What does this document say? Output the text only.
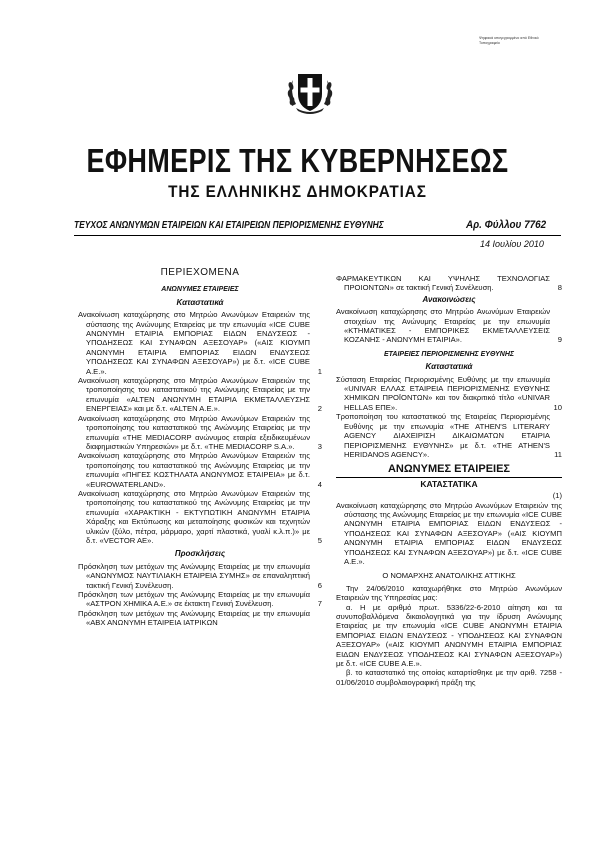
Ψηφιακά υπογεγραμμένο από Εθνικό Τυπογραφείο
ΕΦΗΜΕΡΙΣ ΤΗΣ ΚΥΒΕΡΝΗΣΕΩΣ
ΤΗΣ ΕΛΛΗΝΙΚΗΣ ΔΗΜΟΚΡΑΤΙΑΣ
ΤΕΥΧΟΣ ΑΝΩΝΥΜΩΝ ΕΤΑΙΡΕΙΩΝ ΚΑΙ ΕΤΑΙΡΕΙΩΝ ΠΕΡΙΟΡΙΣΜΕΝΗΣ ΕΥΘΥΝΗΣ	Αρ. Φύλλου 7762
14 Ιουλίου 2010
ΠΕΡΙΕΧΟΜΕΝΑ
ΑΝΩΝΥΜΕΣ ΕΤΑΙΡΕΙΕΣ
Καταστατικά
Ανακοίνωση καταχώρησης στο Μητρώο Ανωνύμων Εταιρειών της σύστασης της Ανώνυμης Εταιρείας με την επωνυμία «ICE CUBE ΑΝΩΝΥΜΗ ΕΤΑΙΡΙΑ ΕΜΠΟΡΙΑΣ ΕΙΔΩΝ ΕΝΔΥΣΕΩΣ - ΥΠΟΔΗΣΕΩΣ ΚΑΙ ΣΥΝΑΦΩΝ ΑΞΕΣΟΥΑΡ» («ΑΙΣ ΚΙΟΥΜΠ ΑΝΩΝΥΜΗ ΕΤΑΙΡΙΑ ΕΜΠΟΡΙΑΣ ΕΙΔΩΝ ΕΝΔΥΣΕΩΣ ΥΠΟΔΗΣΕΩΣ ΚΑΙ ΣΥΝΑΦΩΝ ΑΞΕΣΟΥΑΡ») με δ.τ. «ICE CUBE A.E.».	1
Ανακοίνωση καταχώρησης στο Μητρώο Ανωνύμων Εταιρειών της τροποποίησης του καταστατικού της Ανώνυμης Εταιρείας με την επωνυμία «ALTEN ΑΝΩΝΥΜΗ ΕΤΑΙΡΙΑ ΕΚΜΕΤΑΛΛΕΥΣΗΣ ΕΝΕΡΓΕΙΑΣ» και με δ.τ. «ALTEN A.E.».	2
Ανακοίνωση καταχώρησης στο Μητρώο Ανωνύμων Εταιρειών της τροποποίησης του καταστατικού της Ανώνυμης Εταιρείας με την επωνυμία «THE MEDIACORP ανώνυμος εταιρία εξειδικευμένων διαφημιστικών Υπηρεσιών» με δ.τ. «THE MEDIACORP S.A.».	3
Ανακοίνωση καταχώρησης στο Μητρώο Ανωνύμων Εταιρειών της τροποποίησης του καταστατικού της Ανώνυμης Εταιρείας με την επωνυμία «ΠΗΓΕΣ ΚΩΣΤΗΛΑΤΑ ΑΝΩΝΥΜΟΣ ΕΤΑΙΡΕΙΑ» με δ.τ. «EUROWATERLAND».	4
Ανακοίνωση καταχώρησης στο Μητρώο Ανωνύμων Εταιρειών της τροποποίησης του καταστατικού της Ανώνυμης Εταιρείας με την επωνυμία «ΧΑΡΑΚΤΙΚΗ - ΕΚΤΥΠΩΤΙΚΗ ΑΝΩΝΥΜΗ ΕΤΑΙΡΙΑ Χάραξης και Εκτύπωσης και μεταποίησης φυσικών και τεχνητών υλικών (ξύλο, πέτρα, μάρμαρο, χαρτί πλαστικά, γυαλί κ.λ.π.)» με δ.τ. «VECTOR AE».	5
Προσκλήσεις
Πρόσκληση των μετόχων της Ανώνυμης Εταιρείας με την επωνυμία «ΑΝΩΝΥΜΟΣ ΝΑΥΤΙΛΙΑΚΗ ΕΤΑΙΡΕΙΑ ΣΥΜΗΣ» σε επαναληπτική τακτική Γενική Συνέλευση.	6
Πρόσκληση των μετόχων της Ανώνυμης Εταιρείας με την επωνυμία «ΑΣΤΡΟΝ ΧΗΜΙΚΑ Α.Ε.» σε έκτακτη Γενική Συνέλευση.	7
Πρόσκληση των μετόχων της Ανώνυμης Εταιρείας με την επωνυμία «ΑΒΧ ΑΝΩΝΥΜΗ ΕΤΑΙΡΕΙΑ ΙΑΤΡΙΚΩΝ
ΦΑΡΜΑΚΕΥΤΙΚΩΝ ΚΑΙ ΥΨΗΛΗΣ ΤΕΧΝΟΛΟΓΙΑΣ ΠΡΟΙΟΝΤΩΝ» σε τακτική Γενική Συνέλευση.	8
Ανακοινώσεις
Ανακοίνωση καταχώρησης στο Μητρώο Ανωνύμων Εταιρειών στοιχείων της Ανώνυμης Εταιρείας με την επωνυμία «ΚΤΗΜΑΤΙΚΕΣ - ΕΜΠΟΡΙΚΕΣ ΕΚΜΕΤΑΛΛΕΥΣΕΙΣ ΚΟΖΑΝΗΣ - ΑΝΩΝΥΜΗ ΕΤΑΙΡΙΑ».	9
ΕΤΑΙΡΕΙΕΣ ΠΕΡΙΟΡΙΣΜΕΝΗΣ ΕΥΘΥΝΗΣ
Καταστατικά
Σύσταση Εταιρείας Περιορισμένης Ευθύνης με την επωνυμία «UNIVAR ΕΛΛΑΣ ΕΤΑΙΡΕΙΑ ΠΕΡΙΟΡΙΣΜΕΝΗΣ ΕΥΘΥΝΗΣ ΧΗΜΙΚΩΝ ΠΡΟΪΟΝΤΩΝ» και τον διακριτικό τίτλο «UNIVAR HELLAS ΕΠΕ».	10
Τροποποίηση του καταστατικού της Εταιρείας Περιορισμένης Ευθύνης με την επωνυμία «THE ATHEN'S LITERARY AGENCY ΔΙΑΧΕΙΡΙΣΗ ΔΙΚΑΙΩΜΑΤΩΝ ΕΤΑΙΡΙΑ ΠΕΡΙΟΡΙΣΜΕΝΗΣ ΕΥΘΥΝΗΣ» με δ.τ. «THE ATHEN'S HERIDANOS AGENCY».	11
ΑΝΩΝΥΜΕΣ ΕΤΑΙΡΕΙΕΣ
ΚΑΤΑΣΤΑΤΙΚΑ
(1)
Ανακοίνωση καταχώρησης στο Μητρώο Ανωνύμων Εταιρειών της σύστασης της Ανώνυμης Εταιρείας με την επωνυμία «ICE CUBE ΑΝΩΝΥΜΗ ΕΤΑΙΡΙΑ ΕΜΠΟΡΙΑΣ ΕΙΔΩΝ ΕΝΔΥΣΕΩΣ - ΥΠΟΔΗΣΕΩΣ ΚΑΙ ΣΥΝΑΦΩΝ ΑΞΕΣΟΥΑΡ» («ΑΙΣ ΚΙΟΥΜΠ ΑΝΩΝΥΜΗ ΕΤΑΙΡΙΑ ΕΜΠΟΡΙΑΣ ΕΙΔΩΝ ΕΝΔΥΣΕΩΣ ΥΠΟΔΗΣΕΩΣ ΚΑΙ ΣΥΝΑΦΩΝ ΑΞΕΣΟΥΑΡ») με δ.τ. «ICE CUBE A.E.».
Ο ΝΟΜΑΡΧΗΣ ΑΝΑΤΟΛΙΚΗΣ ΑΤΤΙΚΗΣ
Την 24/06/2010 καταχωρήθηκε στο Μητρώο Ανωνύμων Εταιρειών της Υπηρεσίας μας:
α. Η με αριθμό πρωτ. 5336/22-6-2010 αίτηση και τα συνυποβαλλόμενα δικαιολογητικά για την ίδρυση Ανώνυμης Εταιρείας με την επωνυμία «ICE CUBE ΑΝΩΝΥΜΗ ΕΤΑΙΡΙΑ ΕΜΠΟΡΙΑΣ ΕΙΔΩΝ ΕΝΔΥΣΕΩΣ - ΥΠΟΔΗΣΕΩΣ ΚΑΙ ΣΥΝΑΦΩΝ ΑΞΕΣΟΥΑΡ» («ΑΙΣ ΚΙΟΥΜΠ ΑΝΩΝΥΜΗ ΕΤΑΙΡΙΑ ΕΜΠΟΡΙΑΣ ΕΙΔΩΝ ΕΝΔΥΣΕΩΣ ΥΠΟΔΗΣΕΩΣ ΚΑΙ ΣΥΝΑΦΩΝ ΑΞΕΣΟΥΑΡ») με δ.τ. «ICE CUBE A.E.».
β. το καταστατικό της οποίας καταρτίσθηκε με την αριθ. 7258 - 01/06/2010 συμβολαιογραφική πράξη της
